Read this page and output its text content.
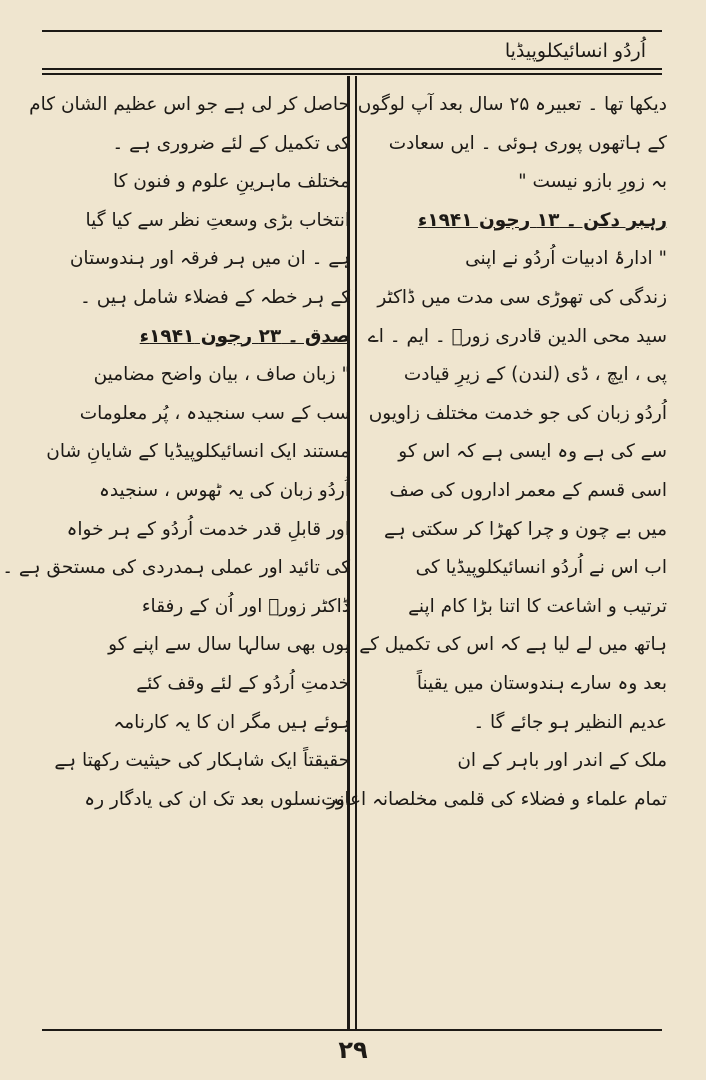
اُردُو انسائیکلوپیڈیا
دیکھا تھا ۔ تعبیرہ ۲۵ سال بعد آپ لوگوں
کے ہاتھوں پوری ہوئی ۔ ایں سعادت
بہ زورِ بازو نیست "
رہبر دکن ۔ ۱۳ رجون ۱۹۴۱ء
" ادارۂ ادبیات اُردُو نے اپنی
زندگی کی تھوڑی سی مدت میں ڈاکٹر
سید محی الدین قادری زورؔ ۔ ایم ۔ اے
پی ، ایچ ، ڈی (لندن) کے زیرِ قیادت
اُردُو زبان کی جو خدمت مختلف زاویوں
سے کی ہے وہ ایسی ہے کہ اس کو
اسی قسم کے معمر اداروں کی صف
میں بے چون و چرا کھڑا کر سکتی ہے
اب اس نے اُردُو انسائیکلوپیڈیا کی
ترتیب و اشاعت کا اتنا بڑا کام اپنے
ہاتھ میں لے لیا ہے کہ اس کی تکمیل کے
بعد وہ سارے ہندوستان میں یقیناً
عدیم النظیر ہو جائے گا ۔
ملک کے اندر اور باہر کے ان
تمام علماء و فضلاء کی قلمی مخلصانہ اعانت
حاصل کر لی ہے جو اس عظیم الشان کام
کی تکمیل کے لئے ضروری ہے ۔
مختلف ماہرینِ علوم و فنون کا
انتخاب بڑی وسعتِ نظر سے کیا گیا
ہے ۔ ان میں ہر فرقہ اور ہندوستان
کے ہر خطہ کے فضلاء شامل ہیں ۔
صدق ۔ ۲۳ رجون ۱۹۴۱ء
" زبان صاف ، بیان واضح مضامین
سب کے سب سنجیدہ ، پُر معلومات
مستند ایک انسائیکلوپیڈیا کے شایانِ شان
اُردُو زبان کی یہ ٹھوس ، سنجیدہ
اور قابلِ قدر خدمت اُردُو کے ہر خواہ
کی تائید اور عملی ہمدردی کی مستحق ہے ۔
ڈاکٹر زورؔ اور اُن کے رفقاء
یوں بھی سالہا سال سے اپنے کو
خدمتِ اُردُو کے لئے وقف کئے
ہوئے ہیں مگر ان کا یہ کارنامہ
حقیقتاً ایک شاہکار کی حیثیت رکھتا ہے
اور نسلوں بعد تک ان کی یادگار رہ
۲۹
